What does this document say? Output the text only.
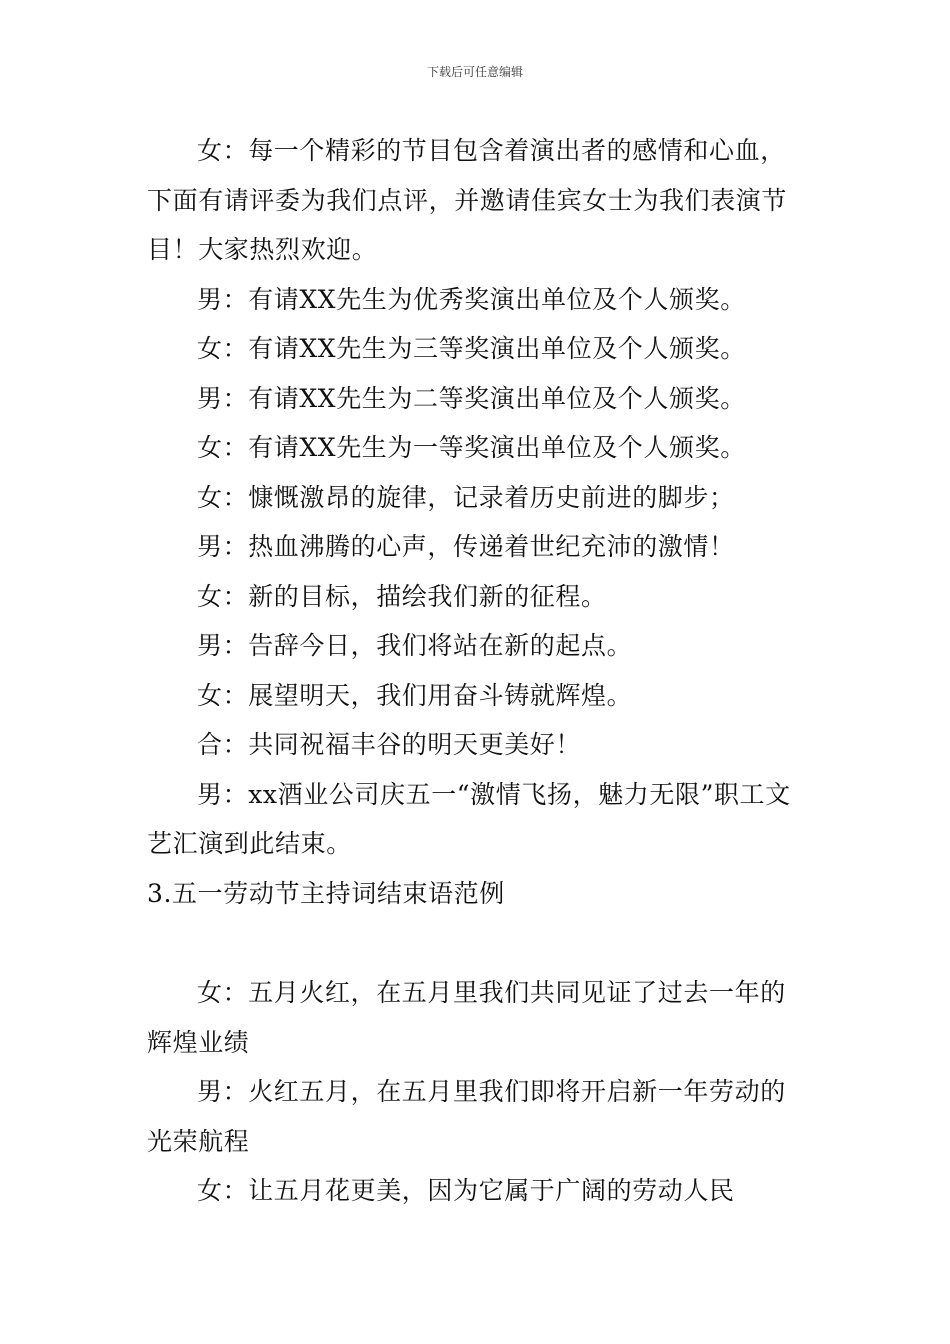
下载后可任意编辑

女：每一个精彩的节目包含着演出者的感情和心血，下面有请评委为我们点评，并邀请佳宾女士为我们表演节目！大家热烈欢迎。

男：有请XX先生为优秀奖演出单位及个人颁奖。

女：有请XX先生为三等奖演出单位及个人颁奖。

男：有请XX先生为二等奖演出单位及个人颁奖。

女：有请XX先生为一等奖演出单位及个人颁奖。

女：慷慨激昂的旋律，记录着历史前进的脚步；

男：热血沸腾的心声，传递着世纪充沛的激情！

女：新的目标，描绘我们新的征程。

男：告辞今日，我们将站在新的起点。

女：展望明天，我们用奋斗铸就辉煌。

合：共同祝福丰谷的明天更美好！

男：xx酒业公司庆五一“激情飞扬，魅力无限”职工文艺汇演到此结束。

3.五一劳动节主持词结束语范例

女：五月火红，在五月里我们共同见证了过去一年的辉煌业绩

男：火红五月，在五月里我们即将开启新一年劳动的光荣航程

女：让五月花更美，因为它属于广阔的劳动人民
